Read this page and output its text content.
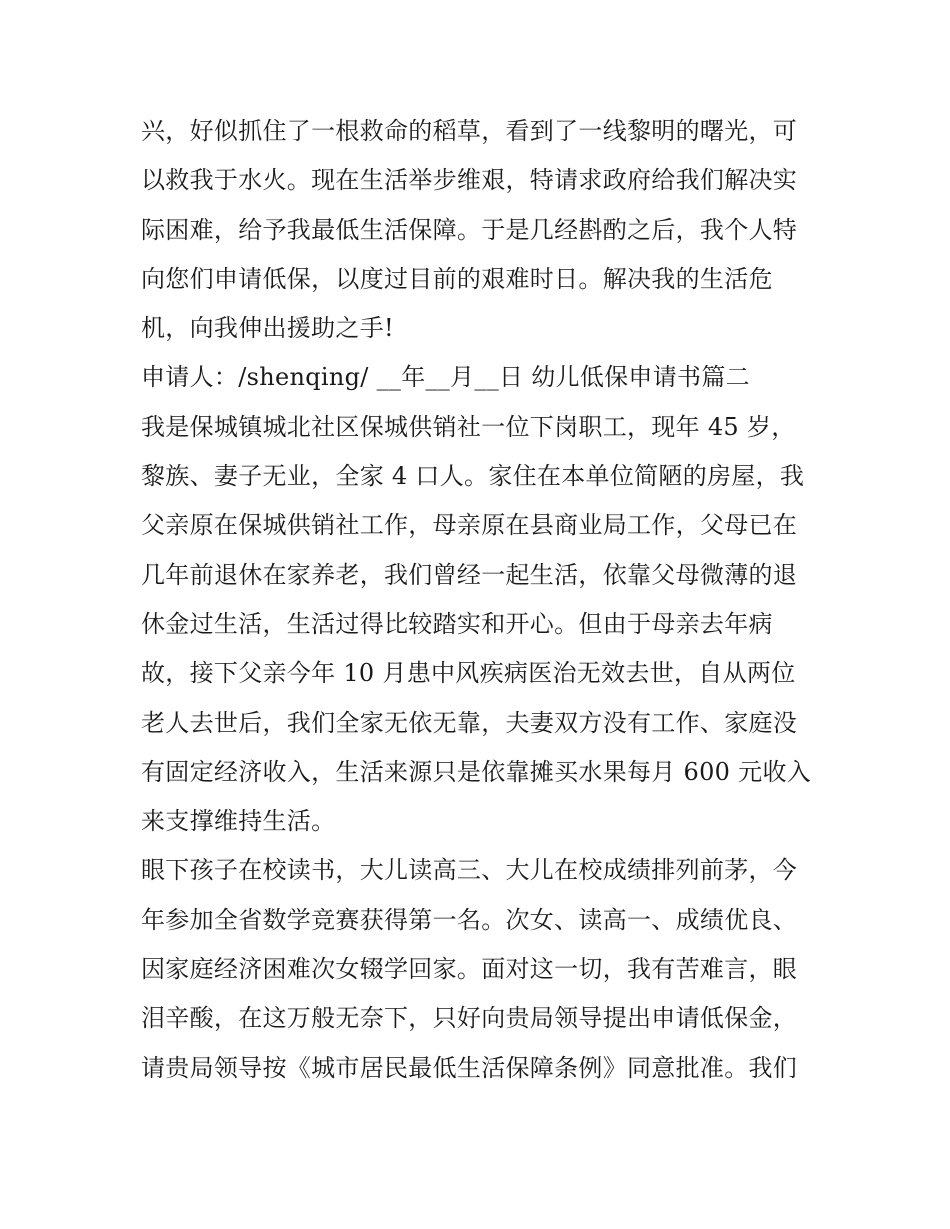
兴，好似抓住了一根救命的稻草，看到了一线黎明的曙光，可
以救我于水火。现在生活举步维艰，特请求政府给我们解决实
际困难，给予我最低生活保障。于是几经斟酌之后，我个人特
向您们申请低保，以度过目前的艰难时日。解决我的生活危
机，向我伸出援助之手!
申请人：/shenqing/ __年__月__日 幼儿低保申请书篇二
我是保城镇城北社区保城供销社一位下岗职工，现年 45 岁，
黎族、妻子无业，全家 4 口人。家住在本单位简陋的房屋，我
父亲原在保城供销社工作，母亲原在县商业局工作，父母已在
几年前退休在家养老，我们曾经一起生活，依靠父母微薄的退
休金过生活，生活过得比较踏实和开心。但由于母亲去年病
故，接下父亲今年 10 月患中风疾病医治无效去世，自从两位
老人去世后，我们全家无依无靠，夫妻双方没有工作、家庭没
有固定经济收入，生活来源只是依靠摊买水果每月 600 元收入
来支撑维持生活。
眼下孩子在校读书，大儿读高三、大儿在校成绩排列前茅，今
年参加全省数学竞赛获得第一名。次女、读高一、成绩优良、
因家庭经济困难次女辍学回家。面对这一切，我有苦难言，眼
泪辛酸，在这万般无奈下，只好向贵局领导提出申请低保金，
请贵局领导按《城市居民最低生活保障条例》同意批准。我们
